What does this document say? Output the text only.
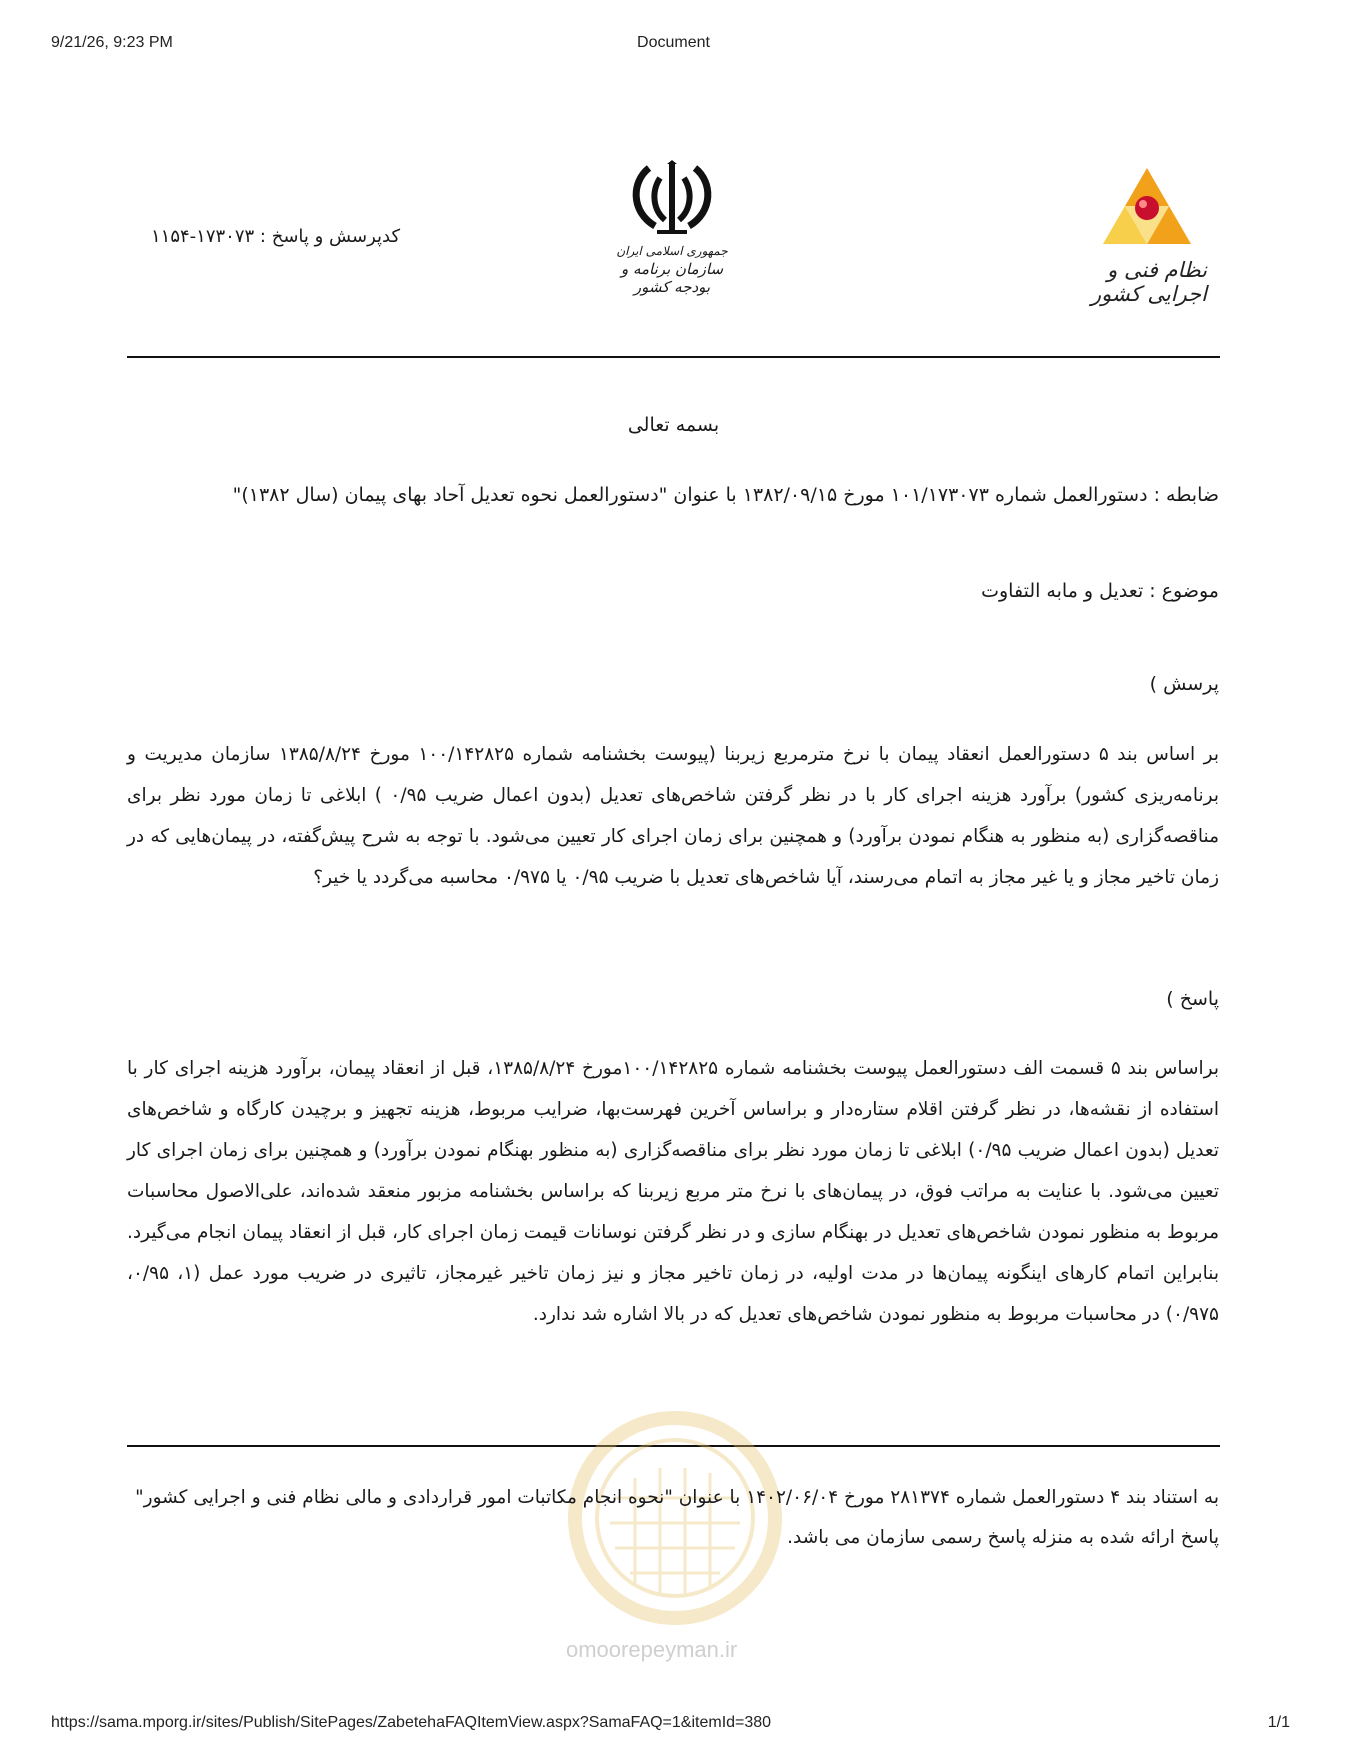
9/21/26, 9:23 PM	Document
نظام فنی و اجرایی کشور
جمهوری اسلامی ایران
سازمان برنامه و بودجه کشور
کدپرسش و پاسخ : ۱۷۳۰۷۳-۱۱۵۴
بسمه تعالی
ضابطه : دستورالعمل شماره ۱۰۱/۱۷۳۰۷۳ مورخ ۱۳۸۲/۰۹/۱۵ با عنوان "دستورالعمل نحوه تعدیل آحاد بهای پیمان (سال ۱۳۸۲)"
موضوع : تعدیل و مابه التفاوت
پرسش )
بر اساس بند ۵ دستورالعمل انعقاد پیمان با نرخ مترمربع زیربنا (پیوست بخشنامه شماره ۱۰۰/۱۴۲۸۲۵ مورخ ۱۳۸۵/۸/۲۴ سازمان مدیریت و برنامه‌ریزی کشور) برآورد هزینه اجرای کار با در نظر گرفتن شاخص‌های تعدیل (بدون اعمال ضریب ۰/۹۵ ) ابلاغی تا زمان مورد نظر برای مناقصه‌گزاری (به منظور به هنگام نمودن برآورد) و همچنین برای زمان اجرای کار تعیین می‌شود. با توجه به شرح پیش‌گفته، در پیمان‌هایی که در زمان تاخیر مجاز و یا غیر مجاز به اتمام می‌رسند، آیا شاخص‌های تعدیل با ضریب ۰/۹۵ یا ۰/۹۷۵ محاسبه می‌گردد یا خیر؟
پاسخ )
براساس بند ۵ قسمت الف دستورالعمل پیوست بخشنامه شماره ۱۰۰/۱۴۲۸۲۵مورخ ۱۳۸۵/۸/۲۴، قبل از انعقاد پیمان، برآورد هزینه اجرای کار با استفاده از نقشه‌ها، در نظر گرفتن اقلام ستاره‌دار و براساس آخرین فهرست‌بها، ضرایب مربوط، هزینه تجهیز و برچیدن کارگاه و شاخص‌های تعدیل (بدون اعمال ضریب ۰/۹۵) ابلاغی تا زمان مورد نظر برای مناقصه‌گزاری (به منظور بهنگام نمودن برآورد) و همچنین برای زمان اجرای کار تعیین می‌شود. با عنایت به مراتب فوق، در پیمان‌های با نرخ متر مربع زیربنا که براساس بخشنامه مزبور منعقد شده‌اند، علی‌الاصول محاسبات مربوط به منظور نمودن شاخص‌های تعدیل در بهنگام سازی و در نظر گرفتن نوسانات قیمت زمان اجرای کار، قبل از انعقاد پیمان انجام می‌گیرد. بنابراین اتمام کارهای اینگونه پیمان‌ها در مدت اولیه، در زمان تاخیر مجاز و نیز زمان تاخیر غیرمجاز، تاثیری در ضریب مورد عمل (۱، ۰/۹۵، ۰/۹۷۵) در محاسبات مربوط به منظور نمودن شاخص‌های تعدیل که در بالا اشاره شد ندارد.
به استناد بند ۴ دستورالعمل شماره ۲۸۱۳۷۴ مورخ ۱۴۰۲/۰۶/۰۴ با عنوان "نحوه انجام مکاتبات امور قراردادی و مالی نظام فنی و اجرایی کشور" پاسخ ارائه شده به منزله پاسخ رسمی سازمان می باشد.
omoorepeyman.ir
https://sama.mporg.ir/sites/Publish/SitePages/ZabetehaFAQItemView.aspx?SamaFAQ=1&itemId=380	1/1
